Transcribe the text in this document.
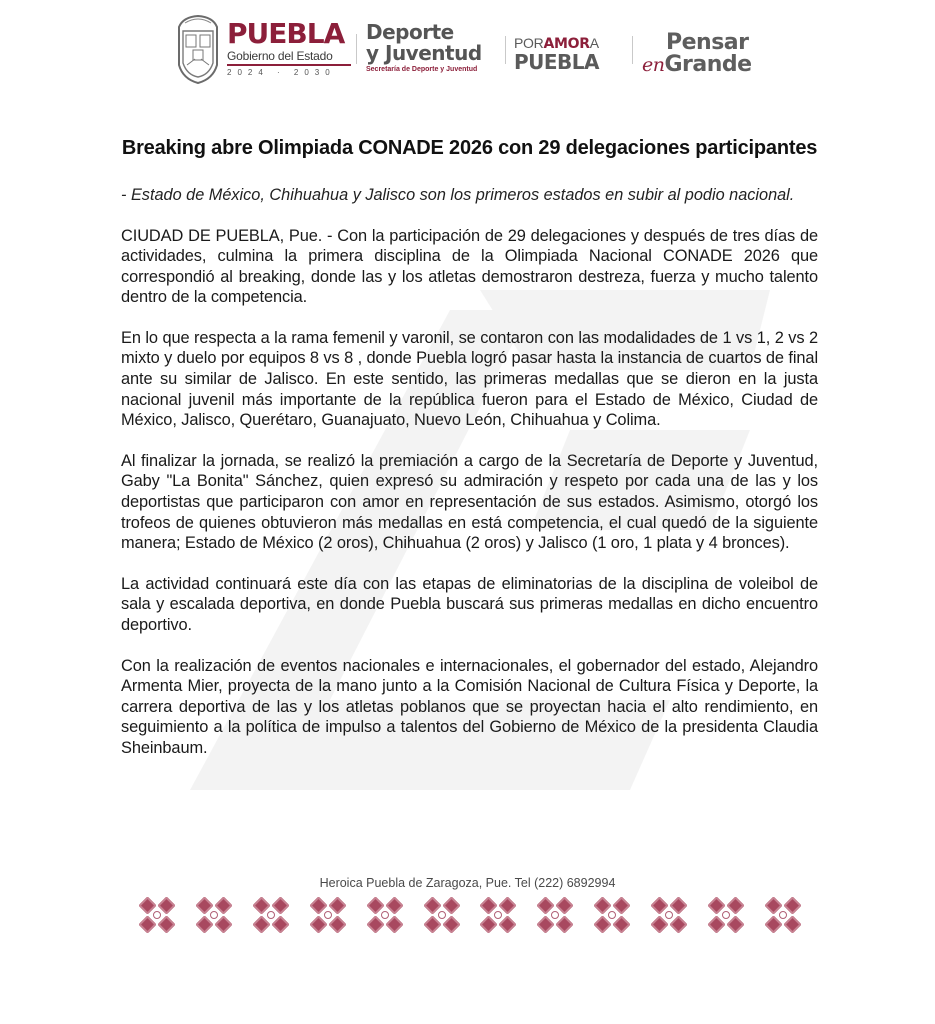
PUEBLA
Gobierno del Estado
2024 · 2030
Deporte
y Juventud
Secretaría de Deporte y Juventud
PORAMORA
PUEBLA
Pensar
enGrande
Breaking abre Olimpiada CONADE 2026 con 29 delegaciones participantes

- Estado de México, Chihuahua y Jalisco son los primeros estados en subir al podio nacional.

CIUDAD DE PUEBLA, Pue. - Con la participación de 29 delegaciones y después de tres días de actividades, culmina la primera disciplina de la Olimpiada Nacional CONADE 2026 que correspondió al breaking, donde las y los atletas demostraron destreza, fuerza y mucho talento dentro de la competencia.

En lo que respecta a la rama femenil y varonil, se contaron con las modalidades de 1 vs 1, 2 vs 2 mixto y duelo por equipos 8 vs 8 , donde Puebla logró pasar hasta la instancia de cuartos de final ante su similar de Jalisco. En este sentido, las primeras medallas que se dieron en la justa nacional juvenil más importante de la república fueron para el Estado de México, Ciudad de México, Jalisco, Querétaro, Guanajuato, Nuevo León, Chihuahua y Colima.

Al finalizar la jornada, se realizó la premiación a cargo de la Secretaría de Deporte y Juventud, Gaby "La Bonita" Sánchez, quien expresó su admiración y respeto por cada una de las y los deportistas que participaron con amor en representación de sus estados. Asimismo, otorgó los trofeos de quienes obtuvieron más medallas en está competencia, el cual quedó de la siguiente manera; Estado de México (2 oros), Chihuahua (2 oros) y Jalisco (1 oro, 1 plata y 4 bronces).

La actividad continuará este día con las etapas de eliminatorias de la disciplina de voleibol de sala y escalada deportiva, en donde Puebla buscará sus primeras medallas en dicho encuentro deportivo.

Con la realización de eventos nacionales e internacionales, el gobernador del estado, Alejandro Armenta Mier, proyecta de la mano junto a la Comisión Nacional de Cultura Física y Deporte, la carrera deportiva de las y los atletas poblanos que se proyectan hacia el alto rendimiento, en seguimiento a la política de impulso a talentos del Gobierno de México de la presidenta Claudia Sheinbaum.

Heroica Puebla de Zaragoza, Pue. Tel (222) 6892994
